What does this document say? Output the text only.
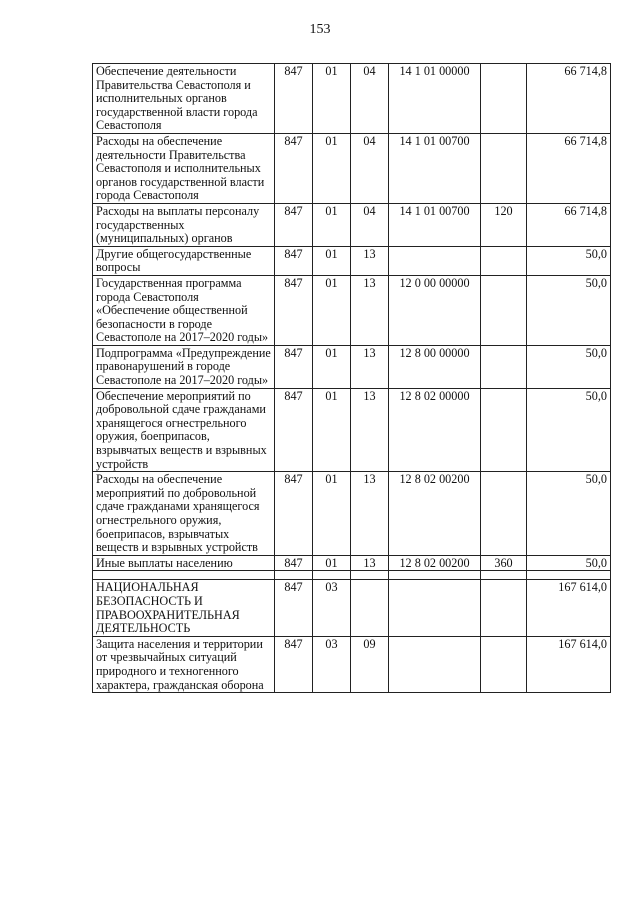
153
Обеспечение деятельности Правительства Севастополя и исполнительных органов государственной власти города Севастополя	847	01	04	14 1 01 00000		66 714,8
Расходы на обеспечение деятельности Правительства Севастополя и исполнительных органов государственной власти города Севастополя	847	01	04	14 1 01 00700		66 714,8
Расходы на выплаты персоналу государственных (муниципальных) органов	847	01	04	14 1 01 00700	120	66 714,8
Другие общегосударственные вопросы	847	01	13			50,0
Государственная программа города Севастополя «Обеспечение общественной безопасности в городе Севастополе на 2017–2020 годы»	847	01	13	12 0 00 00000		50,0
Подпрограмма «Предупреждение правонарушений в городе Севастополе на 2017–2020 годы»	847	01	13	12 8 00 00000		50,0
Обеспечение мероприятий по добровольной сдаче гражданами хранящегося огнестрельного оружия, боеприпасов, взрывчатых веществ и взрывных устройств	847	01	13	12 8 02 00000		50,0
Расходы на обеспечение мероприятий по добровольной сдаче гражданами хранящегося огнестрельного оружия, боеприпасов, взрывчатых веществ и взрывных устройств	847	01	13	12 8 02 00200		50,0
Иные выплаты населению	847	01	13	12 8 02 00200	360	50,0

НАЦИОНАЛЬНАЯ БЕЗОПАСНОСТЬ И ПРАВООХРАНИТЕЛЬНАЯ ДЕЯТЕЛЬНОСТЬ	847	03				167 614,0
Защита населения и территории от чрезвычайных ситуаций природного и техногенного характера, гражданская оборона	847	03	09			167 614,0
